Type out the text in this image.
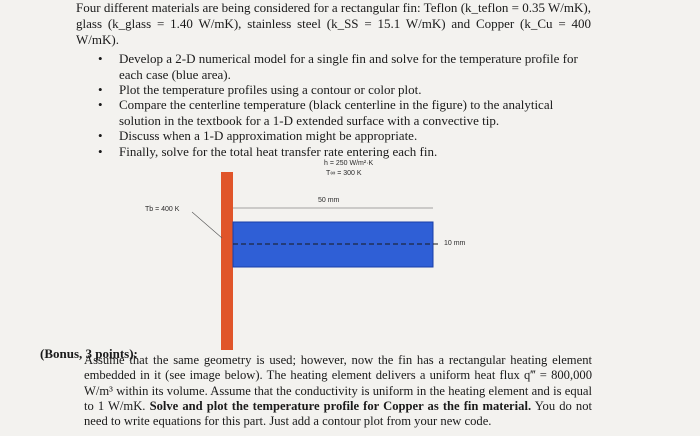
Four different materials are being considered for a rectangular fin: Teflon (k_teflon = 0.35 W/mK), glass (k_glass = 1.40 W/mK), stainless steel (k_SS = 15.1 W/mK) and Copper (k_Cu = 400 W/mK).
• Develop a 2-D numerical model for a single fin and solve for the temperature profile for each case (blue area).
• Plot the temperature profiles using a contour or color plot.
• Compare the centerline temperature (black centerline in the figure) to the analytical solution in the textbook for a 1-D extended surface with a convective tip.
• Discuss when a 1-D approximation might be appropriate.
• Finally, solve for the total heat transfer rate entering each fin.
h = 250 W/m²·K
T∞ = 300 K
50 mm
Tb = 400 K
10 mm
(Bonus, 3 points):
Assume that the same geometry is used; however, now the fin has a rectangular heating element embedded in it (see image below). The heating element delivers a uniform heat flux q‴ = 800,000 W/m³ within its volume. Assume that the conductivity is uniform in the heating element and is equal to 1 W/mK. Solve and plot the temperature profile for Copper as the fin material. You do not need to write equations for this part. Just add a contour plot from your new code.
